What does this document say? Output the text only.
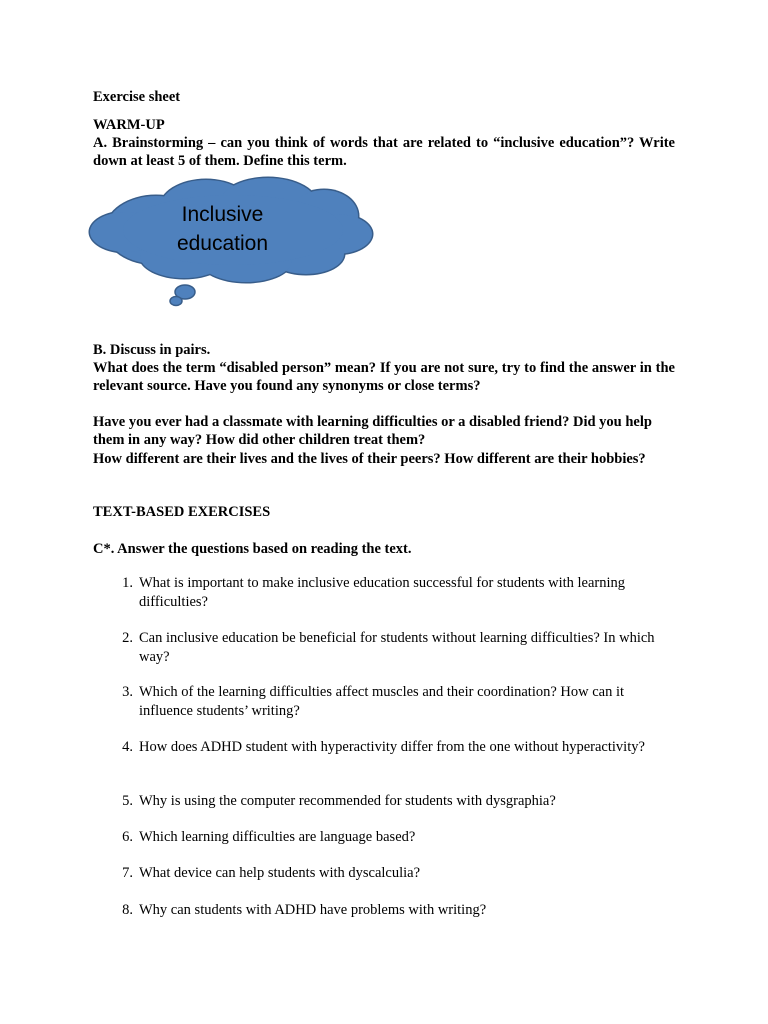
Exercise sheet

WARM-UP

A. Brainstorming – can you think of words that are related to “inclusive education”? Write down at least 5 of them. Define this term.

Inclusive
education

B. Discuss in pairs.

What does the term “disabled person” mean? If you are not sure, try to find the answer in the relevant source. Have you found any synonyms or close terms?

Have you ever had a classmate with learning difficulties or a disabled friend? Did you help them in any way? How did other children treat them?

How different are their lives and the lives of their peers? How different are their hobbies?

TEXT-BASED EXERCISES

C*. Answer the questions based on reading the text.

1. What is important to make inclusive education successful for students with learning difficulties?
2. Can inclusive education be beneficial for students without learning difficulties? In which way?
3. Which of the learning difficulties affect muscles and their coordination? How can it influence students’ writing?
4. How does ADHD student with hyperactivity differ from the one without hyperactivity?
5. Why is using the computer recommended for students with dysgraphia?
6. Which learning difficulties are language based?
7. What device can help students with dyscalculia?
8. Why can students with ADHD have problems with writing?
